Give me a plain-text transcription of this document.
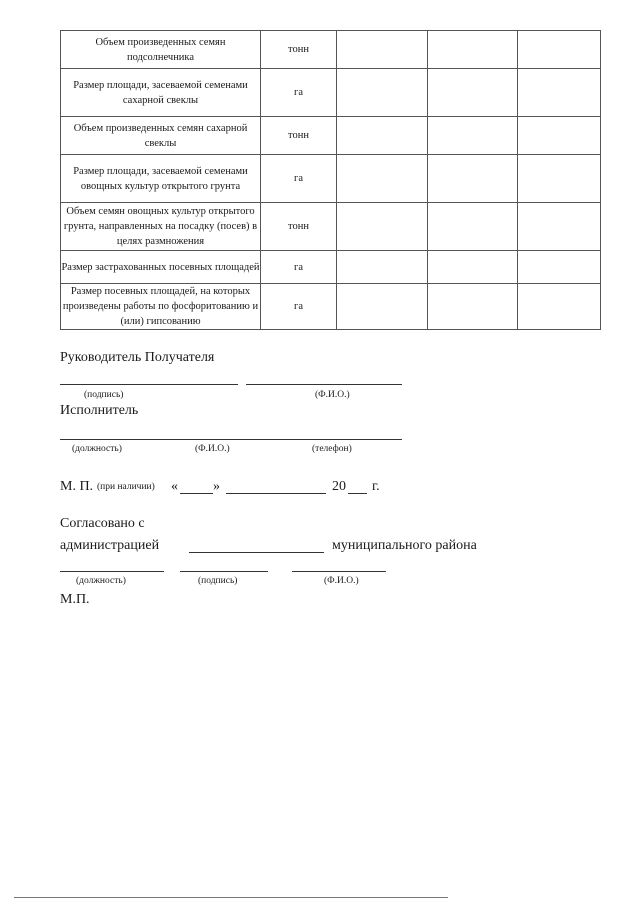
Объем произведенных семян подсолнечника	тонн			
Размер площади, засеваемой семенами сахарной свеклы	га			
Объем произведенных семян сахарной свеклы	тонн			
Размер площади, засеваемой семенами овощных культур открытого грунта	га			
Объем семян овощных культур открытого грунта, направленных на посадку (посев) в целях размножения	тонн			
Размер застрахованных посевных площадей	га			
Размер посевных площадей, на которых произведены работы по фосфоритованию и (или) гипсованию	га			
Руководитель Получателя
(подпись)	(Ф.И.О.)
Исполнитель
(должность)	(Ф.И.О.)	(телефон)
М. П. (при наличии) «	»	20 г.
Согласовано с
администрацией	муниципального района
(должность)	(подпись)	(Ф.И.О.)
М.П.
